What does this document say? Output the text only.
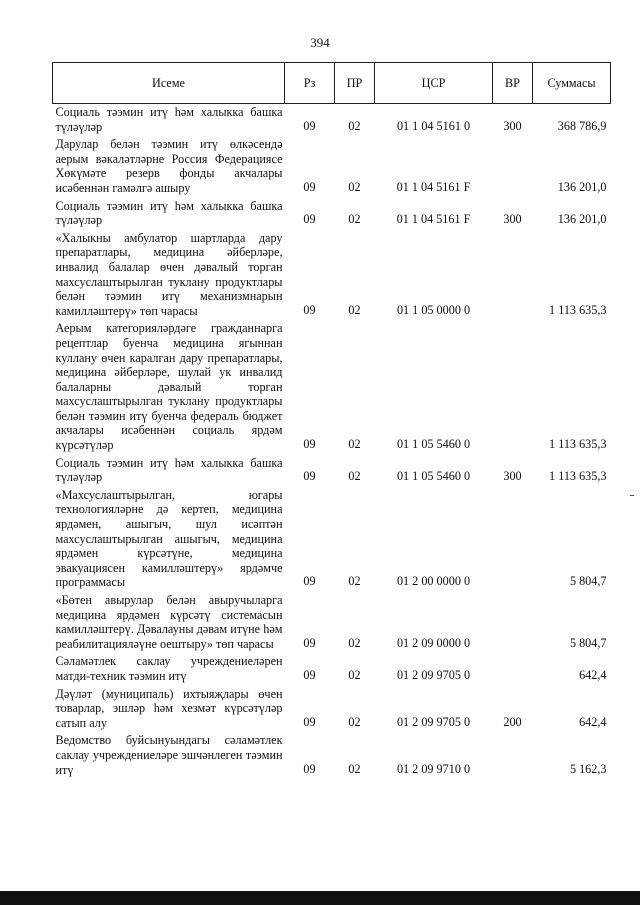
394
Исеме	Рз	ПР	ЦСР	ВР	Суммасы
Социаль тәэмин итү һәм халыкка башка түләүләр	09	02	01 1 04 5161 0	300	368 786,9
Дарулар белән тәэмин итү өлкәсендә аерым вәкаләтләрне Россия Федерациясе Хөкүмәте резерв фонды акчалары исәбеннән гамәлгә ашыру	09	02	01 1 04 5161 F		136 201,0
Социаль тәэмин итү һәм халыкка башка түләүләр	09	02	01 1 04 5161 F	300	136 201,0
«Халыкны амбулатор шартларда дару препаратлары, медицина әйберләре, инвалид балалар өчен дәвалый торган махсуслаштырылган туклану продуктлары белән тәэмин итү механизмнарын камилләштерү» төп чарасы	09	02	01 1 05 0000 0		1 113 635,3
Аерым категорияләрдәге гражданнарга рецептлар буенча медицина ягыннан куллану өчен каралган дару препаратлары, медицина әйберләре, шулай ук инвалид балаларны дәвалый торган махсуслаштырылган туклану продуктлары белән тәэмин итү буенча федераль бюджет акчалары исәбеннән социаль ярдәм күрсәтүләр	09	02	01 1 05 5460 0		1 113 635,3
Социаль тәэмин итү һәм халыкка башка түләүләр	09	02	01 1 05 5460 0	300	1 113 635,3
«Махсуслаштырылган, югары технологияләрне дә кертеп, медицина ярдәмен, ашыгыч, шул исәптән махсуслаштырылган ашыгыч, медицина ярдәмен күрсәтүне, медицина эвакуациясен камилләштерү» ярдәмче программасы	09	02	01 2 00 0000 0		5 804,7
«Бөтен авырулар белән авыручыларга медицина ярдәмен күрсәтү системасын камилләштерү. Дәвалауны дәвам итүне һәм реабилитацияләүне оештыру» төп чарасы	09	02	01 2 09 0000 0		5 804,7
Сәламәтлек саклау учреждениеләрен матди-техник тәэмин итү	09	02	01 2 09 9705 0		642,4
Дәүләт (муниципаль) ихтыяҗлары өчен товарлар, эшләр һәм хезмәт күрсәтүләр сатып алу	09	02	01 2 09 9705 0	200	642,4
Ведомство буйсынуындагы сәламәтлек саклау учреждениеләре эшчәнлеген тәэмин итү	09	02	01 2 09 9710 0		5 162,3
